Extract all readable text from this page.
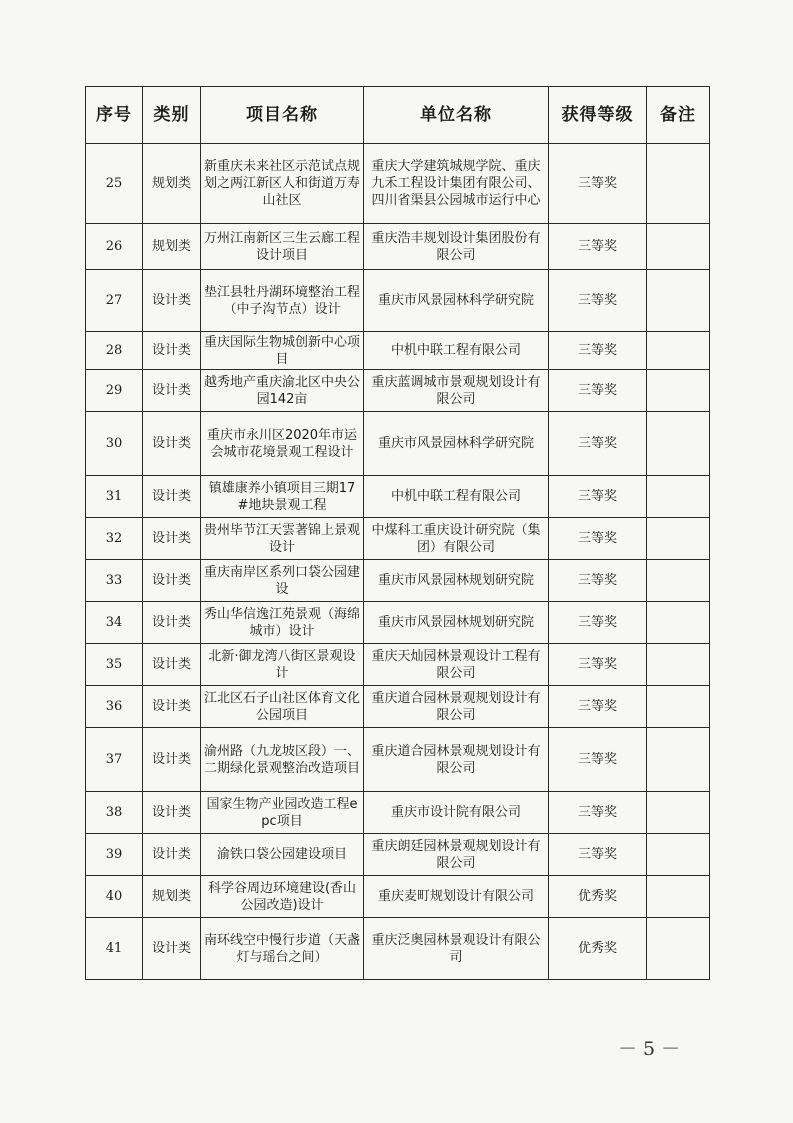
序号	类别	项目名称	单位名称	获得等级	备注
25	规划类	新重庆未来社区示范试点规划之两江新区人和街道万寿山社区	重庆大学建筑城规学院、重庆九禾工程设计集团有限公司、四川省渠县公园城市运行中心	三等奖	
26	规划类	万州江南新区三生云廊工程设计项目	重庆浩丰规划设计集团股份有限公司	三等奖	
27	设计类	垫江县牡丹湖环境整治工程（中子沟节点）设计	重庆市风景园林科学研究院	三等奖	
28	设计类	重庆国际生物城创新中心项目	中机中联工程有限公司	三等奖	
29	设计类	越秀地产重庆渝北区中央公园142亩	重庆蓝调城市景观规划设计有限公司	三等奖	
30	设计类	重庆市永川区2020年市运会城市花境景观工程设计	重庆市风景园林科学研究院	三等奖	
31	设计类	镇雄康养小镇项目三期17#地块景观工程	中机中联工程有限公司	三等奖	
32	设计类	贵州毕节江天雲著锦上景观设计	中煤科工重庆设计研究院（集团）有限公司	三等奖	
33	设计类	重庆南岸区系列口袋公园建设	重庆市风景园林规划研究院	三等奖	
34	设计类	秀山华信逸江苑景观（海绵城市）设计	重庆市风景园林规划研究院	三等奖	
35	设计类	北新·御龙湾八街区景观设计	重庆天灿园林景观设计工程有限公司	三等奖	
36	设计类	江北区石子山社区体育文化公园项目	重庆道合园林景观规划设计有限公司	三等奖	
37	设计类	渝州路（九龙坡区段）一、二期绿化景观整治改造项目	重庆道合园林景观规划设计有限公司	三等奖	
38	设计类	国家生物产业园改造工程epc项目	重庆市设计院有限公司	三等奖	
39	设计类	渝铁口袋公园建设项目	重庆朗廷园林景观规划设计有限公司	三等奖	
40	规划类	科学谷周边环境建设(香山公园改造)设计	重庆麦町规划设计有限公司	优秀奖	
41	设计类	南环线空中慢行步道（天盏灯与瑶台之间）	重庆泛奥园林景观设计有限公司	优秀奖	
－ 5 －
